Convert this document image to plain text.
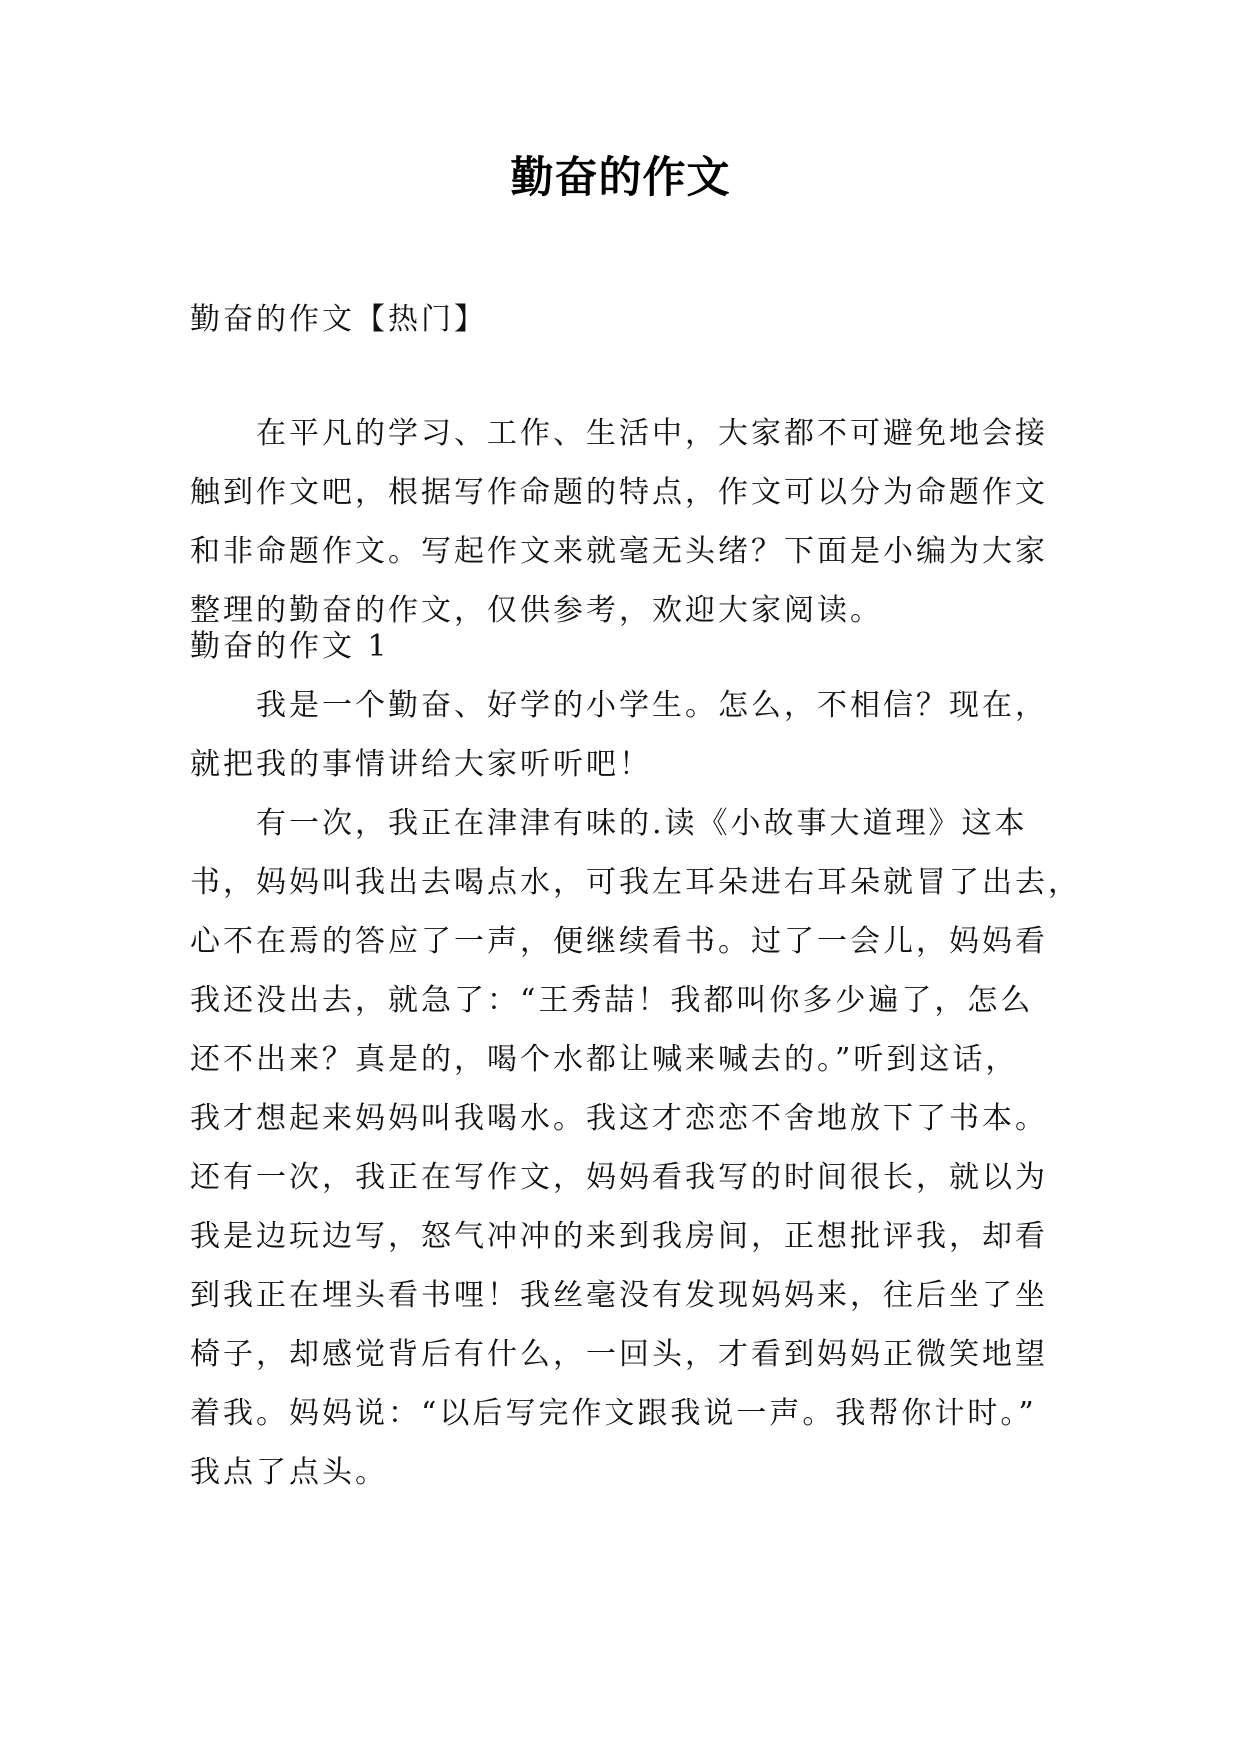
勤奋的作文
勤奋的作文【热门】
在平凡的学习、工作、生活中，大家都不可避免地会接
触到作文吧，根据写作命题的特点，作文可以分为命题作文
和非命题作文。写起作文来就毫无头绪？下面是小编为大家
整理的勤奋的作文，仅供参考，欢迎大家阅读。
勤奋的作文 1
我是一个勤奋、好学的小学生。怎么，不相信？现在，
就把我的事情讲给大家听听吧！
有一次，我正在津津有味的.读《小故事大道理》这本
书，妈妈叫我出去喝点水，可我左耳朵进右耳朵就冒了出去，
心不在焉的答应了一声，便继续看书。过了一会儿，妈妈看
我还没出去，就急了：“王秀喆！我都叫你多少遍了，怎么
还不出来？真是的，喝个水都让喊来喊去的。”听到这话，
我才想起来妈妈叫我喝水。我这才恋恋不舍地放下了书本。
还有一次，我正在写作文，妈妈看我写的时间很长，就以为
我是边玩边写，怒气冲冲的来到我房间，正想批评我，却看
到我正在埋头看书哩！我丝毫没有发现妈妈来，往后坐了坐
椅子，却感觉背后有什么，一回头，才看到妈妈正微笑地望
着我。妈妈说：“以后写完作文跟我说一声。我帮你计时。”
我点了点头。
